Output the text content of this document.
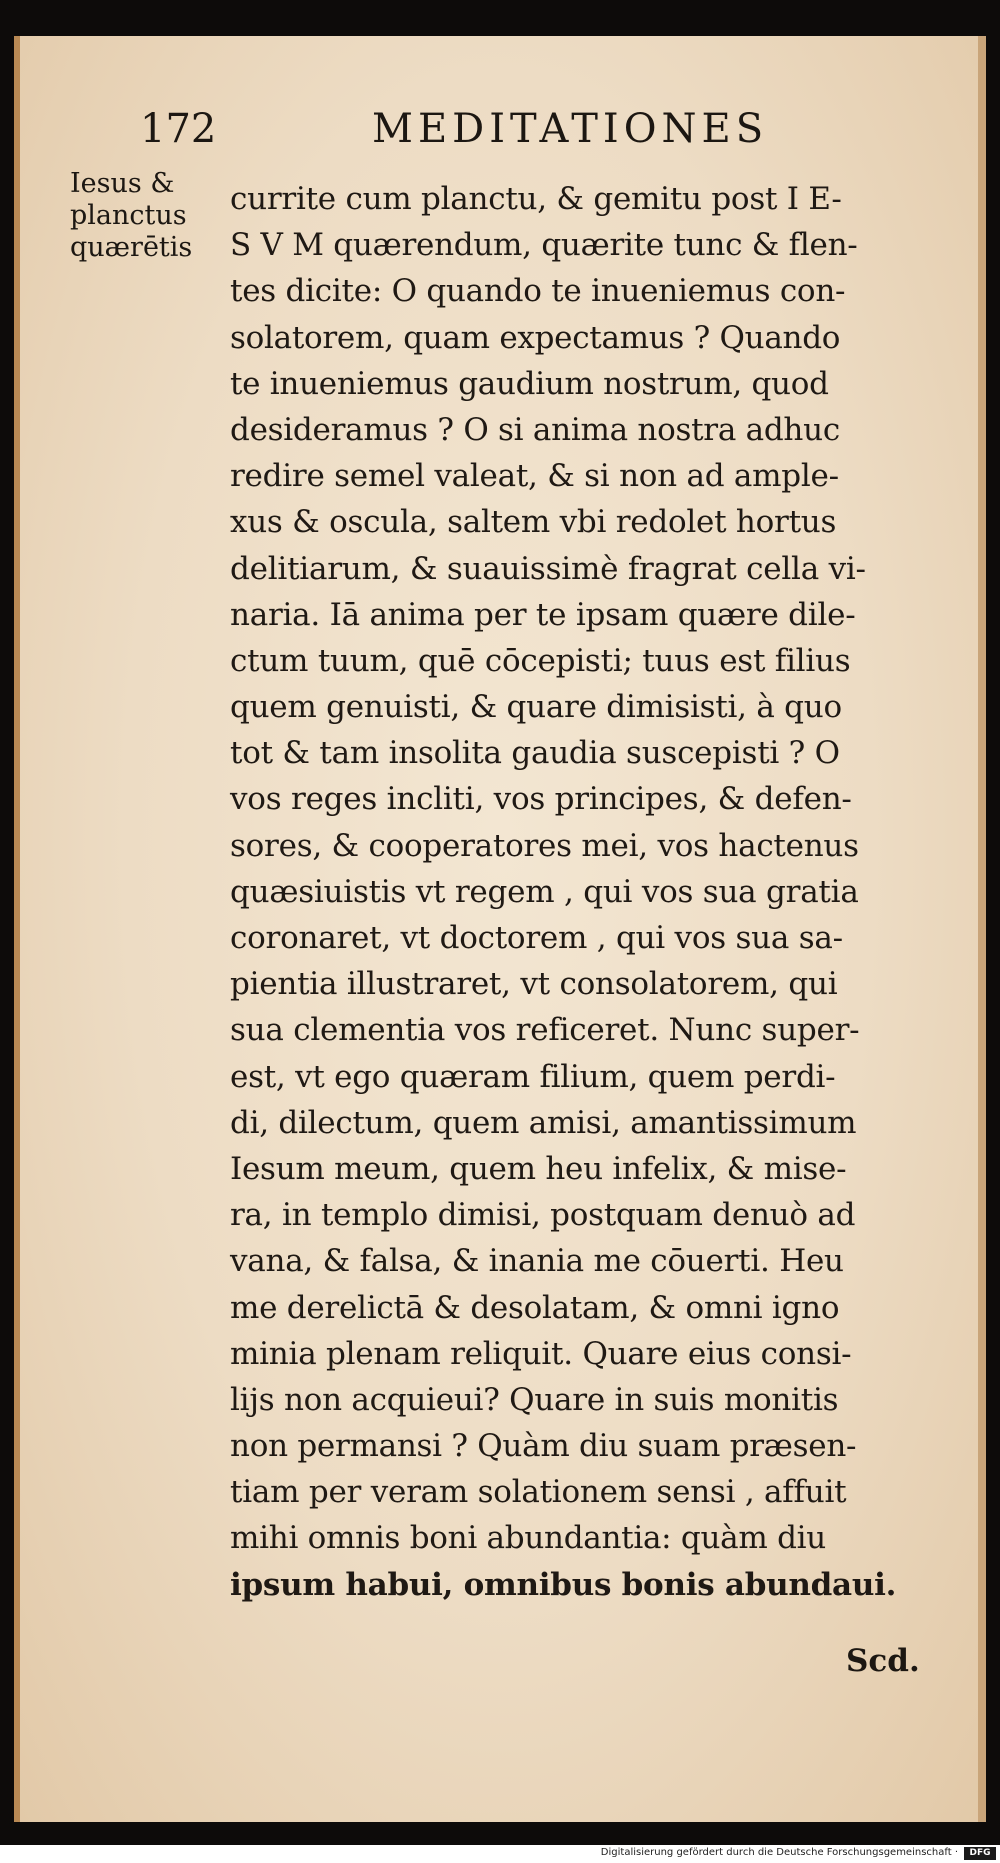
172	MEDITATIONES
Iesus &
planctus
quærētis
currite cum planctu, & gemitu post I E-
S V M quærendum, quærite tunc & flen-
tes dicite: O quando te inueniemus con-
solatorem, quam expectamus ? Quando
te inueniemus gaudium nostrum, quod
desideramus ? O si anima nostra adhuc
redire semel valeat, & si non ad ample-
xus & oscula, saltem vbi redolet hortus
delitiarum, & suauissimè fragrat cella vi-
naria. Iā anima per te ipsam quære dile-
ctum tuum, quē cōcepisti; tuus est filius
quem genuisti, & quare dimisisti, à quo
tot & tam insolita gaudia suscepisti ? O
vos reges incliti, vos principes, & defen-
sores, & cooperatores mei, vos hactenus
quæsiuistis vt regem , qui vos sua gratia
coronaret, vt doctorem , qui vos sua sa-
pientia illustraret, vt consolatorem, qui
sua clementia vos reficeret. Nunc super-
est, vt ego quæram filium, quem perdi-
di, dilectum, quem amisi, amantissimum
Iesum meum, quem heu infelix, & mise-
ra, in templo dimisi, postquam denuò ad
vana, & falsa, & inania me cōuerti. Heu
me derelictā & desolatam, & omni igno
minia plenam reliquit. Quare eius consi-
lijs non acquieui? Quare in suis monitis
non permansi ? Quàm diu suam præsen-
tiam per veram solationem sensi , affuit
mihi omnis boni abundantia: quàm diu
ipsum habui, omnibus bonis abundaui.
Scd.
Digitalisierung gefördert durch die Deutsche Forschungsgemeinschaft ·	DFG
